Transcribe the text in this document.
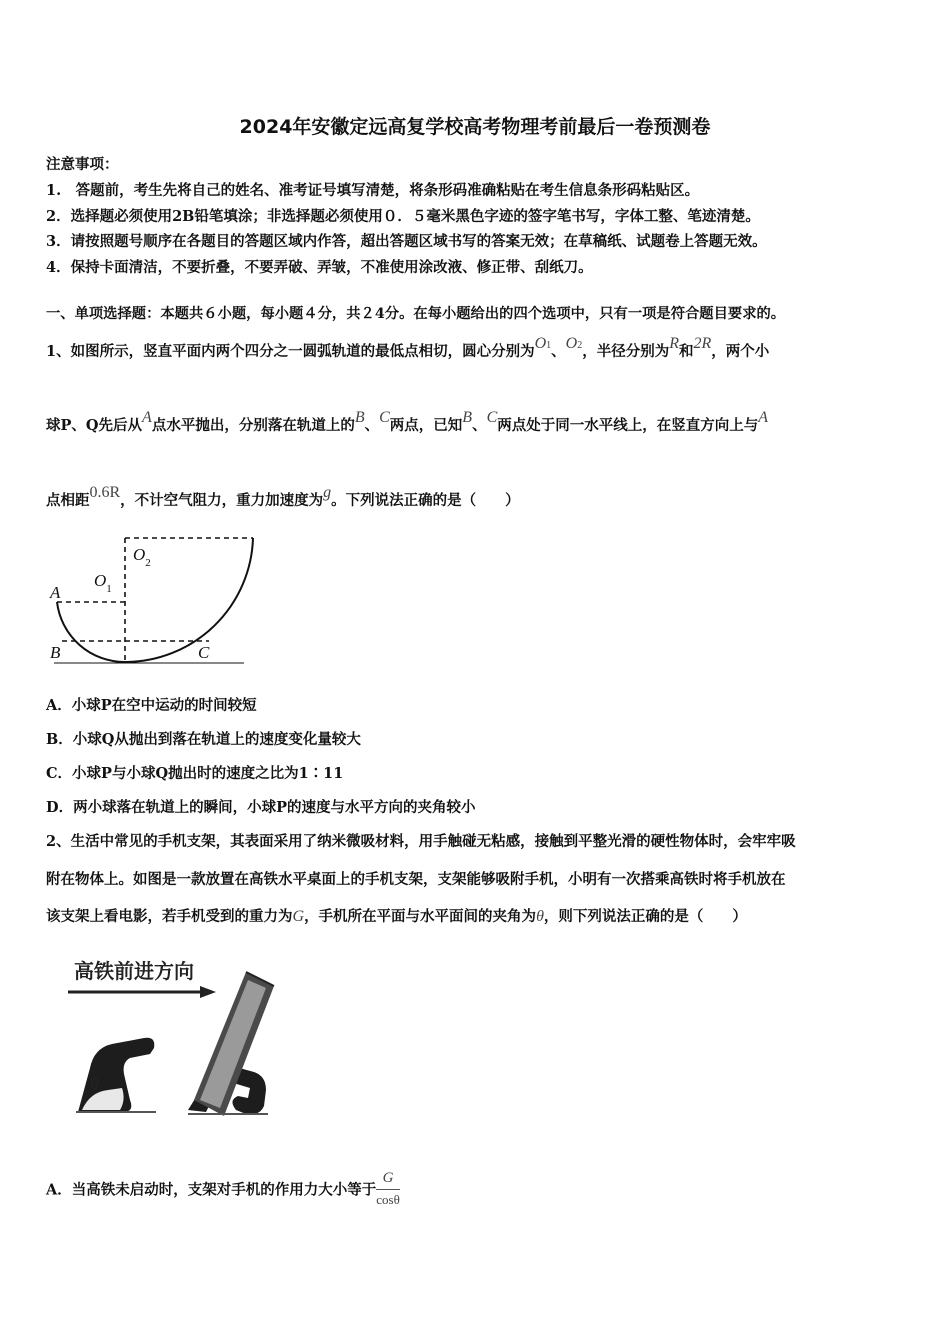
2024年安徽定远高复学校高考物理考前最后一卷预测卷
注意事项：
1.　答题前，考生先将自己的姓名、准考证号填写清楚，将条形码准确粘贴在考生信息条形码粘贴区。
2．选择题必须使用2B铅笔填涂；非选择题必须使用０．５毫米黑色字迹的签字笔书写，字体工整、笔迹清楚。
3．请按照题号顺序在各题目的答题区域内作答，超出答题区域书写的答案无效；在草稿纸、试题卷上答题无效。
4．保持卡面清洁，不要折叠，不要弄破、弄皱，不准使用涂改液、修正带、刮纸刀。
一、单项选择题：本题共６小题，每小题４分，共２4分。在每小题给出的四个选项中，只有一项是符合题目要求的。
1、如图所示，竖直平面内两个四分之一圆弧轨道的最低点相切，圆心分别为O1、O2，半径分别为R和2R，两个小
球P、Q先后从A点水平抛出，分别落在轨道上的B、C两点，已知B、C两点处于同一水平线上，在竖直方向上与A
点相距0.6R，不计空气阻力，重力加速度为g。下列说法正确的是（　　）
A
B	C
$O_1$
$O_2$
A．小球P在空中运动的时间较短
B．小球Q从抛出到落在轨道上的速度变化量较大
C．小球P与小球Q抛出时的速度之比为1∶11
D．两小球落在轨道上的瞬间，小球P的速度与水平方向的夹角较小
2、生活中常见的手机支架，其表面采用了纳米微吸材料，用手触碰无粘感，接触到平整光滑的硬性物体时，会牢牢吸
附在物体上。如图是一款放置在高铁水平桌面上的手机支架，支架能够吸附手机，小明有一次搭乘高铁时将手机放在
该支架上看电影，若手机受到的重力为G，手机所在平面与水平面间的夹角为θ，则下列说法正确的是（　　）
高铁前进方向
θ
A．当高铁未启动时，支架对手机的作用力大小等于 $\frac{G}{\cos\theta}$
